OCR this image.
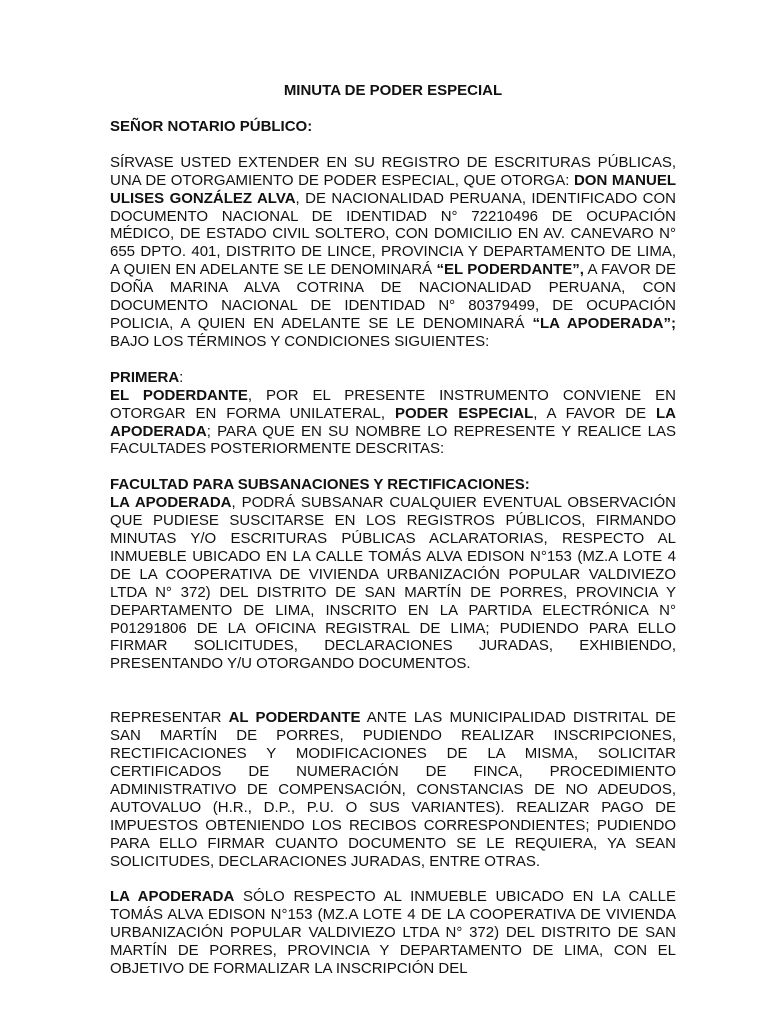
MINUTA DE PODER ESPECIAL
SEÑOR NOTARIO PÚBLICO:

SÍRVASE USTED EXTENDER EN SU REGISTRO DE ESCRITURAS PÚBLICAS, UNA DE OTORGAMIENTO DE PODER ESPECIAL, QUE OTORGA: DON MANUEL ULISES GONZÁLEZ ALVA, DE NACIONALIDAD PERUANA, IDENTIFICADO CON DOCUMENTO NACIONAL DE IDENTIDAD N° 72210496 DE OCUPACIÓN MÉDICO, DE ESTADO CIVIL SOLTERO, CON DOMICILIO EN AV. CANEVARO N° 655 DPTO. 401, DISTRITO DE LINCE, PROVINCIA Y DEPARTAMENTO DE LIMA, A QUIEN EN ADELANTE SE LE DENOMINARÁ “EL PODERDANTE”, A FAVOR DE DOÑA MARINA ALVA COTRINA DE NACIONALIDAD PERUANA, CON DOCUMENTO NACIONAL DE IDENTIDAD N° 80379499, DE OCUPACIÓN POLICIA, A QUIEN EN ADELANTE SE LE DENOMINARÁ “LA APODERADA”; BAJO LOS TÉRMINOS Y CONDICIONES SIGUIENTES:

PRIMERA:

EL PODERDANTE, POR EL PRESENTE INSTRUMENTO CONVIENE EN OTORGAR EN FORMA UNILATERAL, PODER ESPECIAL, A FAVOR DE LA APODERADA; PARA QUE EN SU NOMBRE LO REPRESENTE Y REALICE LAS FACULTADES POSTERIORMENTE DESCRITAS:

FACULTAD PARA SUBSANACIONES Y RECTIFICACIONES:

LA APODERADA, PODRÁ SUBSANAR CUALQUIER EVENTUAL OBSERVACIÓN QUE PUDIESE SUSCITARSE EN LOS REGISTROS PÚBLICOS, FIRMANDO MINUTAS Y/O ESCRITURAS PÚBLICAS ACLARATORIAS, RESPECTO AL INMUEBLE UBICADO EN LA CALLE TOMÁS ALVA EDISON N°153 (MZ.A LOTE 4 DE LA COOPERATIVA DE VIVIENDA URBANIZACIÓN POPULAR VALDIVIEZO LTDA N° 372) DEL DISTRITO DE SAN MARTÍN DE PORRES, PROVINCIA Y DEPARTAMENTO DE LIMA, INSCRITO EN LA PARTIDA ELECTRÓNICA N° P01291806 DE LA OFICINA REGISTRAL DE LIMA; PUDIENDO PARA ELLO FIRMAR SOLICITUDES, DECLARACIONES JURADAS, EXHIBIENDO, PRESENTANDO Y/U OTORGANDO DOCUMENTOS.

REPRESENTAR AL PODERDANTE ANTE LAS MUNICIPALIDAD DISTRITAL DE SAN MARTÍN DE PORRES, PUDIENDO REALIZAR INSCRIPCIONES, RECTIFICACIONES Y MODIFICACIONES DE LA MISMA, SOLICITAR CERTIFICADOS DE NUMERACIÓN DE FINCA, PROCEDIMIENTO ADMINISTRATIVO DE COMPENSACIÓN, CONSTANCIAS DE NO ADEUDOS, AUTOVALUO (H.R., D.P., P.U. O SUS VARIANTES). REALIZAR PAGO DE IMPUESTOS OBTENIENDO LOS RECIBOS CORRESPONDIENTES; PUDIENDO PARA ELLO FIRMAR CUANTO DOCUMENTO SE LE REQUIERA, YA SEAN SOLICITUDES, DECLARACIONES JURADAS, ENTRE OTRAS.

LA APODERADA SÓLO RESPECTO AL INMUEBLE UBICADO EN LA CALLE TOMÁS ALVA EDISON N°153 (MZ.A LOTE 4 DE LA COOPERATIVA DE VIVIENDA URBANIZACIÓN POPULAR VALDIVIEZO LTDA N° 372) DEL DISTRITO DE SAN MARTÍN DE PORRES, PROVINCIA Y DEPARTAMENTO DE LIMA, CON EL OBJETIVO DE FORMALIZAR LA INSCRIPCIÓN DEL
